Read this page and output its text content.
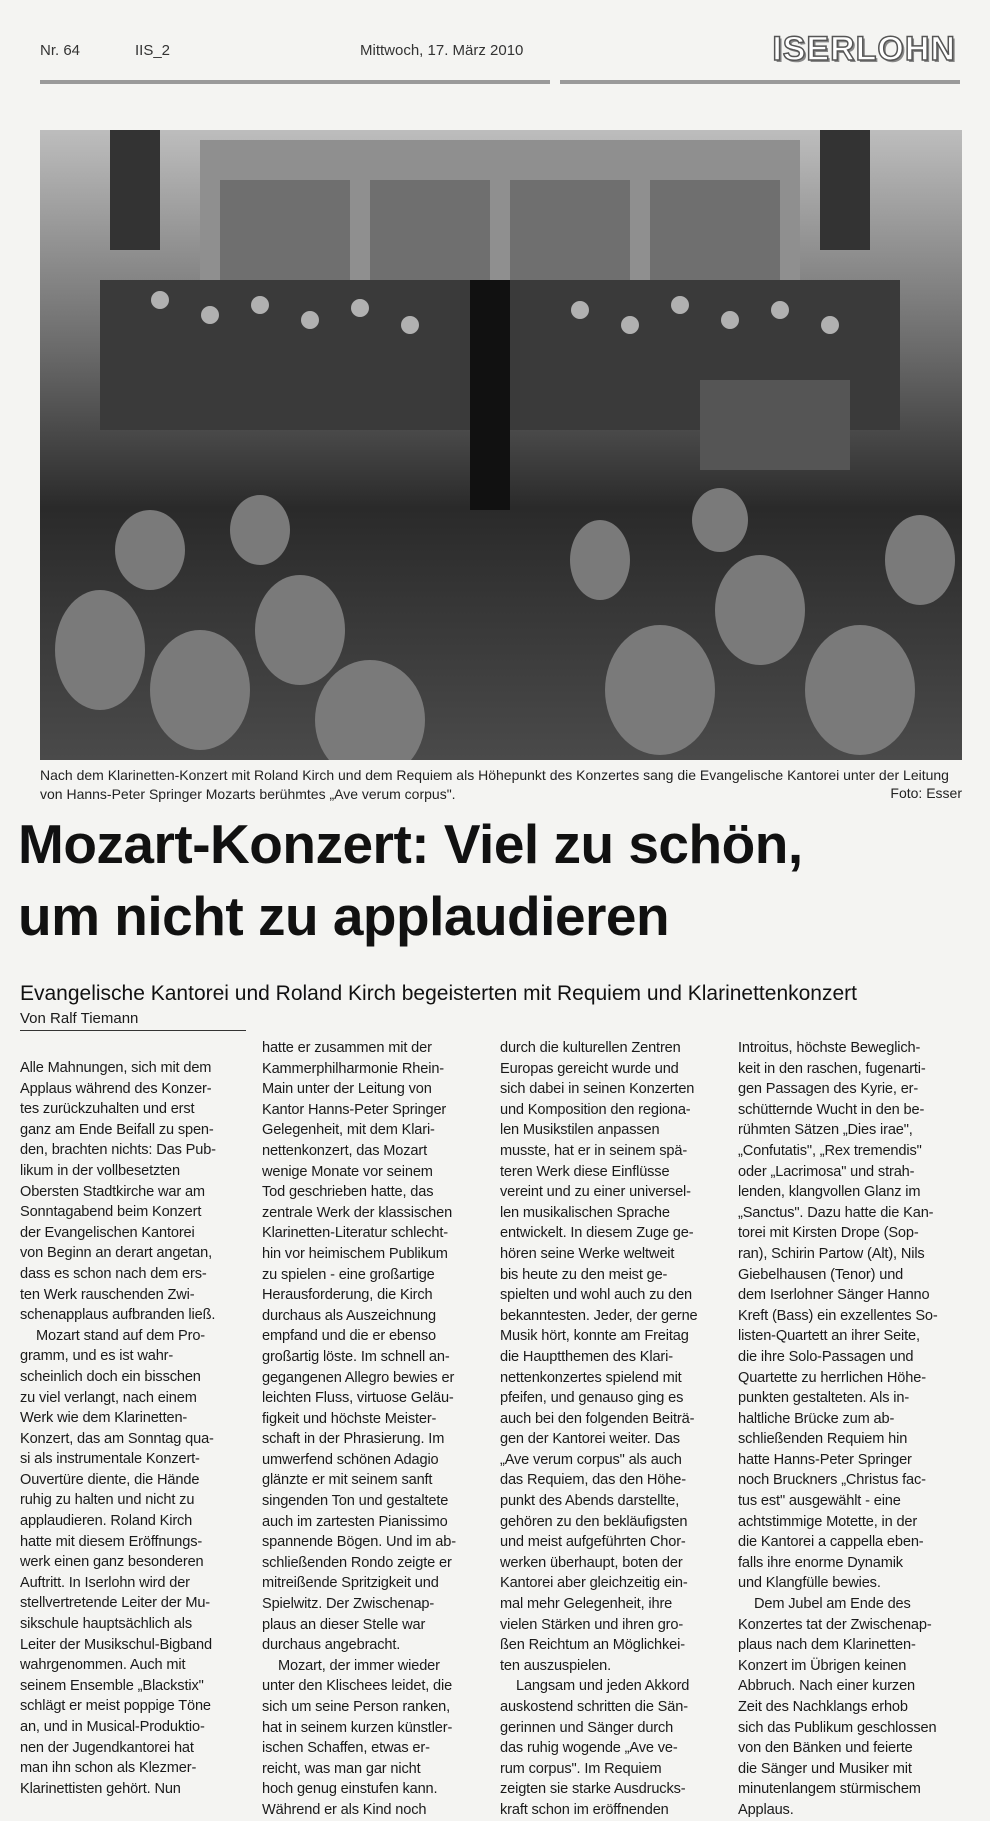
Nr. 64	IIS_2	Mittwoch, 17. März 2010	ISERLOHN
Nach dem Klarinetten-Konzert mit Roland Kirch und dem Requiem als Höhepunkt des Konzertes sang die Evangelische Kantorei unter der Leitung von Hanns-Peter Springer Mozarts berühmtes „Ave verum corpus".	Foto: Esser
Mozart-Konzert: Viel zu schön,
um nicht zu applaudieren
Evangelische Kantorei und Roland Kirch begeisterten mit Requiem und Klarinettenkonzert
Von Ralf Tiemann
Alle Mahnungen, sich mit dem
Applaus während des Konzer-
tes zurückzuhalten und erst
ganz am Ende Beifall zu spen-
den, brachten nichts: Das Pub-
likum in der vollbesetzten
Obersten Stadtkirche war am
Sonntagabend beim Konzert
der Evangelischen Kantorei
von Beginn an derart angetan,
dass es schon nach dem ers-
ten Werk rauschenden Zwi-
schenapplaus aufbranden ließ.
Mozart stand auf dem Pro-
gramm, und es ist wahr-
scheinlich doch ein bisschen
zu viel verlangt, nach einem
Werk wie dem Klarinetten-
Konzert, das am Sonntag qua-
si als instrumentale Konzert-
Ouvertüre diente, die Hände
ruhig zu halten und nicht zu
applaudieren. Roland Kirch
hatte mit diesem Eröffnungs-
werk einen ganz besonderen
Auftritt. In Iserlohn wird der
stellvertretende Leiter der Mu-
sikschule hauptsächlich als
Leiter der Musikschul-Bigband
wahrgenommen. Auch mit
seinem Ensemble „Blackstix"
schlägt er meist poppige Töne
an, und in Musical-Produktio-
nen der Jugendkantorei hat
man ihn schon als Klezmer-
Klarinettisten gehört. Nun
hatte er zusammen mit der
Kammerphilharmonie Rhein-
Main unter der Leitung von
Kantor Hanns-Peter Springer
Gelegenheit, mit dem Klari-
nettenkonzert, das Mozart
wenige Monate vor seinem
Tod geschrieben hatte, das
zentrale Werk der klassischen
Klarinetten-Literatur schlecht-
hin vor heimischem Publikum
zu spielen - eine großartige
Herausforderung, die Kirch
durchaus als Auszeichnung
empfand und die er ebenso
großartig löste. Im schnell an-
gegangenen Allegro bewies er
leichten Fluss, virtuose Geläu-
figkeit und höchste Meister-
schaft in der Phrasierung. Im
umwerfend schönen Adagio
glänzte er mit seinem sanft
singenden Ton und gestaltete
auch im zartesten Pianissimo
spannende Bögen. Und im ab-
schließenden Rondo zeigte er
mitreißende Spritzigkeit und
Spielwitz. Der Zwischenap-
plaus an dieser Stelle war
durchaus angebracht.
Mozart, der immer wieder
unter den Klischees leidet, die
sich um seine Person ranken,
hat in seinem kurzen künstler-
ischen Schaffen, etwas er-
reicht, was man gar nicht
hoch genug einstufen kann.
Während er als Kind noch
durch die kulturellen Zentren
Europas gereicht wurde und
sich dabei in seinen Konzerten
und Komposition den regiona-
len Musikstilen anpassen
musste, hat er in seinem spä-
teren Werk diese Einflüsse
vereint und zu einer universel-
len musikalischen Sprache
entwickelt. In diesem Zuge ge-
hören seine Werke weltweit
bis heute zu den meist ge-
spielten und wohl auch zu den
bekanntesten. Jeder, der gerne
Musik hört, konnte am Freitag
die Hauptthemen des Klari-
nettenkonzertes spielend mit
pfeifen, und genauso ging es
auch bei den folgenden Beiträ-
gen der Kantorei weiter. Das
„Ave verum corpus" als auch
das Requiem, das den Höhe-
punkt des Abends darstellte,
gehören zu den bekläufigsten
und meist aufgeführten Chor-
werken überhaupt, boten der
Kantorei aber gleichzeitig ein-
mal mehr Gelegenheit, ihre
vielen Stärken und ihren gro-
ßen Reichtum an Möglichkei-
ten auszuspielen.
Langsam und jeden Akkord
auskostend schritten die Sän-
gerinnen und Sänger durch
das ruhig wogende „Ave ve-
rum corpus". Im Requiem
zeigten sie starke Ausdrucks-
kraft schon im eröffnenden
Introitus, höchste Beweglich-
keit in den raschen, fugenarti-
gen Passagen des Kyrie, er-
schütternde Wucht in den be-
rühmten Sätzen „Dies irae",
„Confutatis", „Rex tremendis"
oder „Lacrimosa" und strah-
lenden, klangvollen Glanz im
„Sanctus". Dazu hatte die Kan-
torei mit Kirsten Drope (Sop-
ran), Schirin Partow (Alt), Nils
Giebelhausen (Tenor) und
dem Iserlohner Sänger Hanno
Kreft (Bass) ein exzellentes So-
listen-Quartett an ihrer Seite,
die ihre Solo-Passagen und
Quartette zu herrlichen Höhe-
punkten gestalteten. Als in-
haltliche Brücke zum ab-
schließenden Requiem hin
hatte Hanns-Peter Springer
noch Bruckners „Christus fac-
tus est" ausgewählt - eine
achtstimmige Motette, in der
die Kantorei a cappella eben-
falls ihre enorme Dynamik
und Klangfülle bewies.
Dem Jubel am Ende des
Konzertes tat der Zwischenap-
plaus nach dem Klarinetten-
Konzert im Übrigen keinen
Abbruch. Nach einer kurzen
Zeit des Nachklangs erhob
sich das Publikum geschlossen
von den Bänken und feierte
die Sänger und Musiker mit
minutenlangem stürmischem
Applaus.
